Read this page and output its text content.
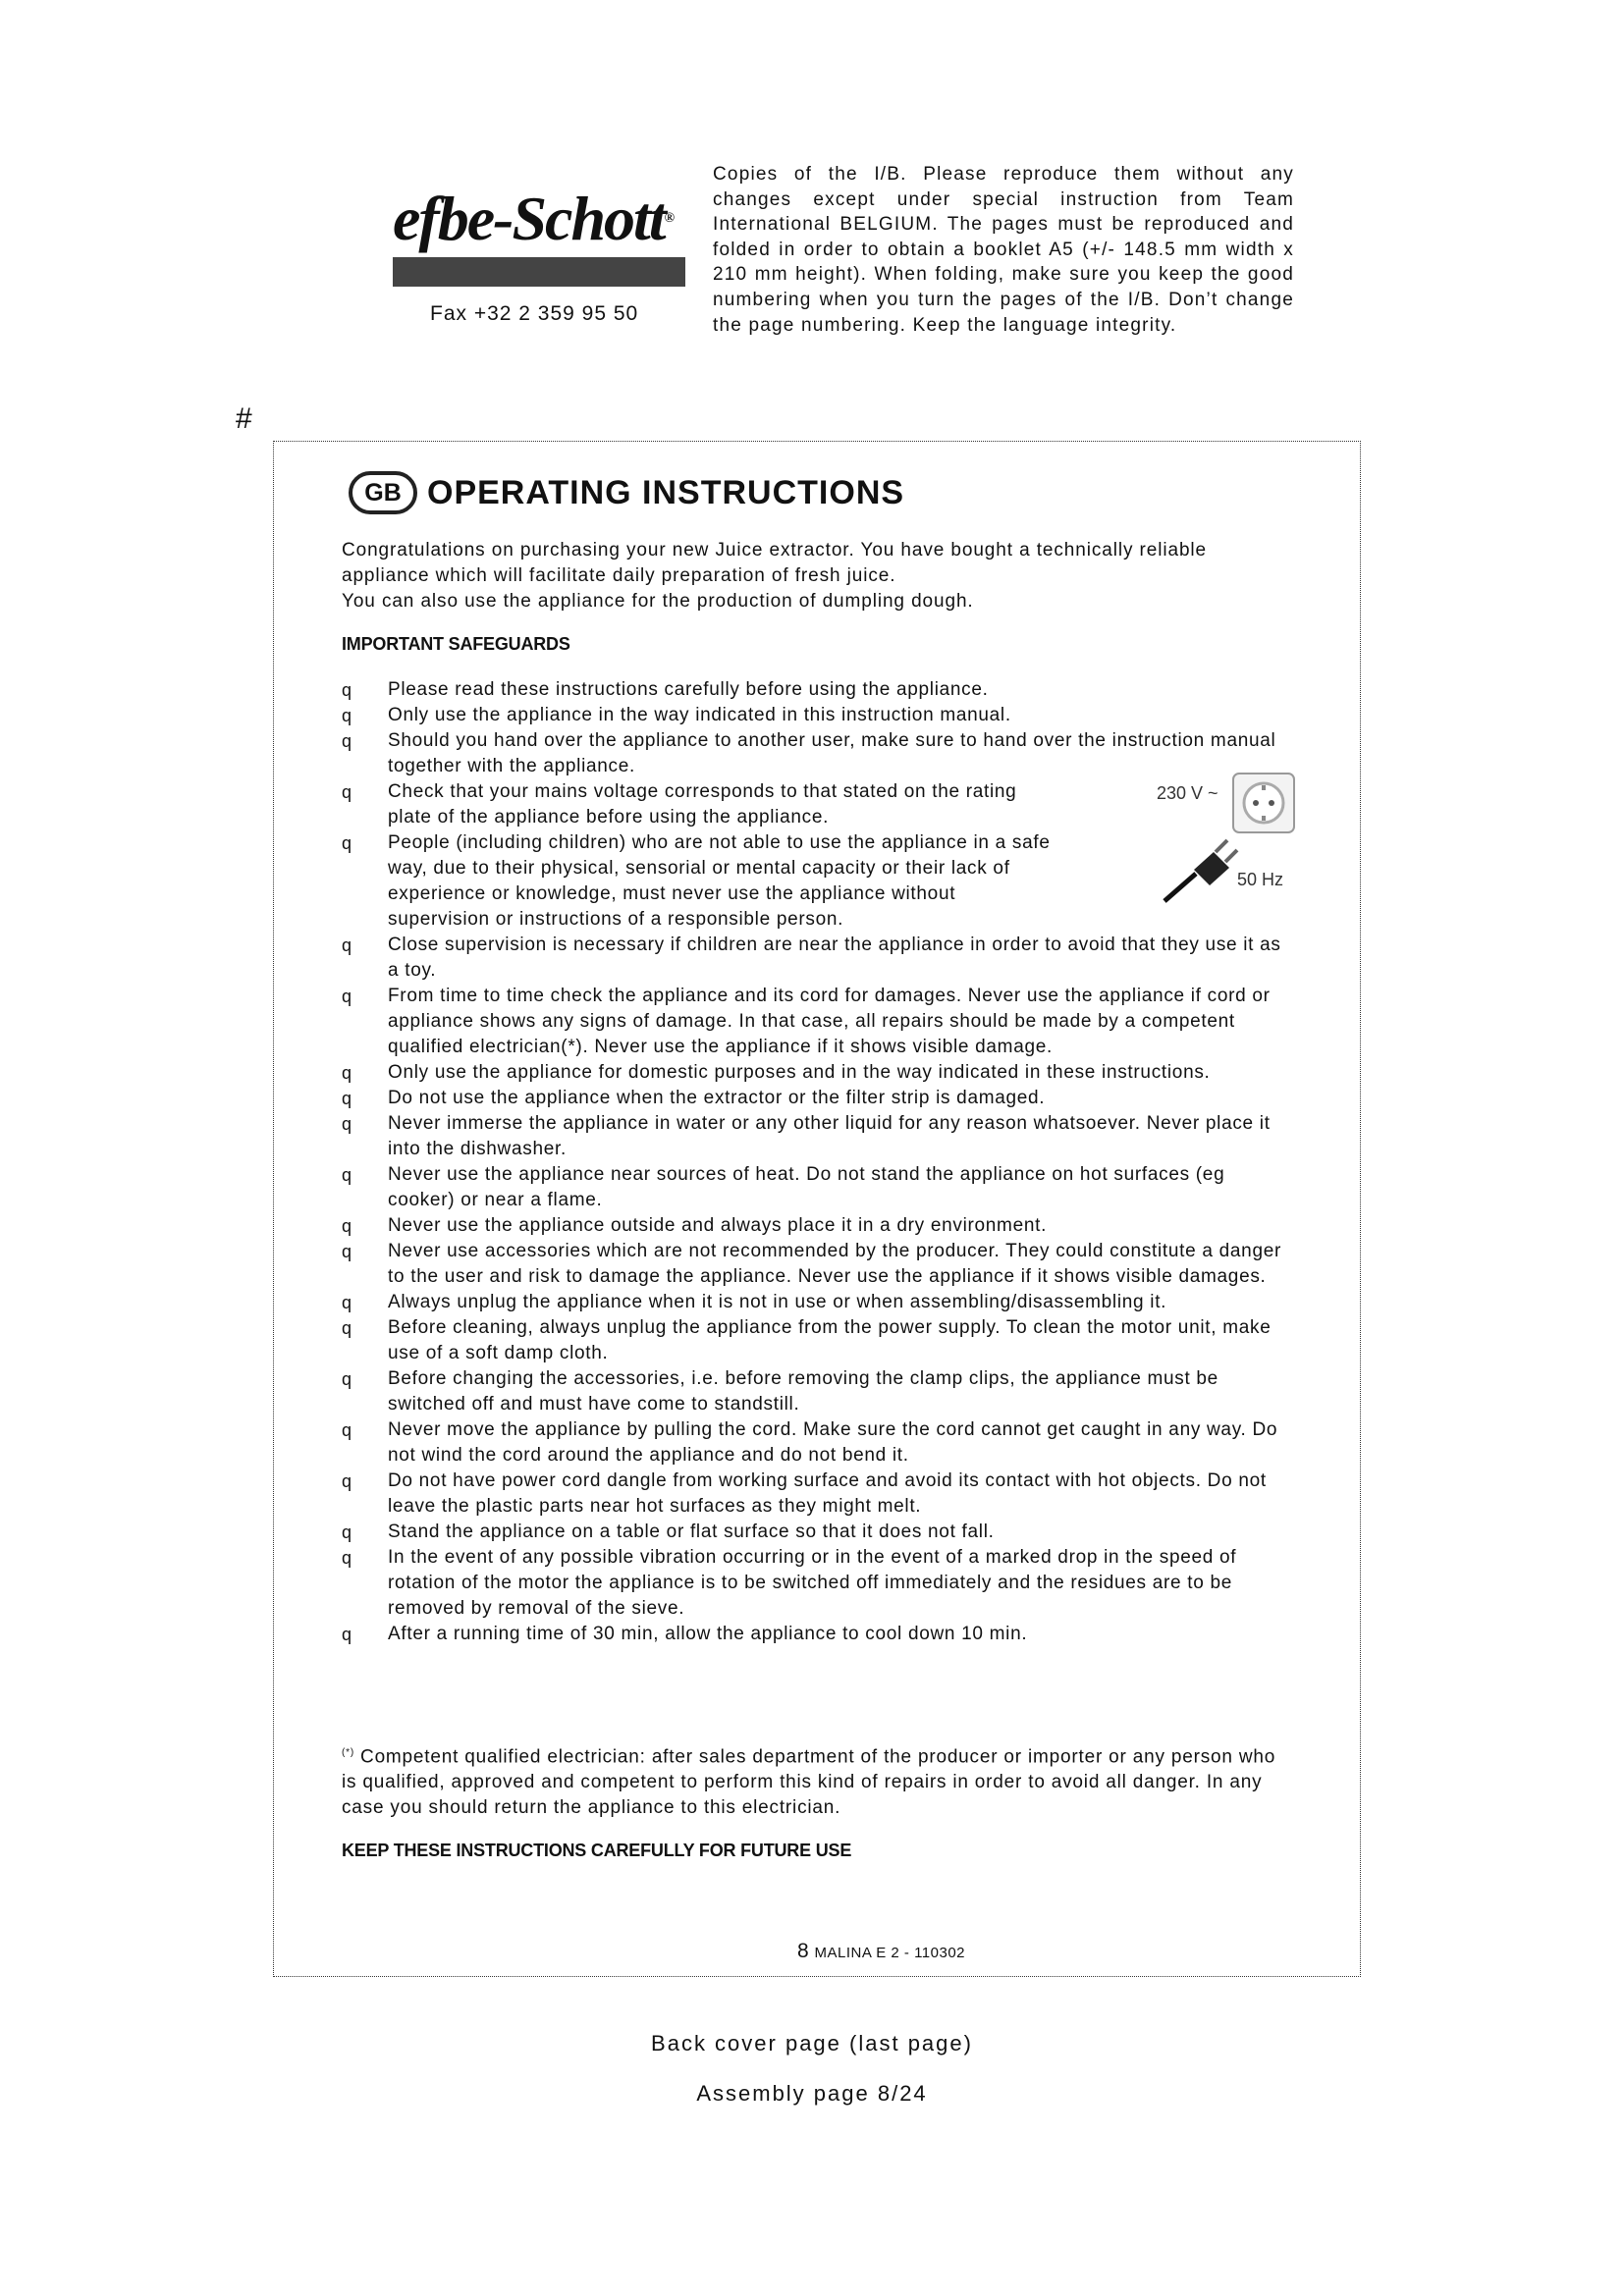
efbe-Schott®
Fax +32 2 359 95 50
Copies of the I/B. Please reproduce them without any changes except under special instruction from Team International BELGIUM. The pages must be reproduced and folded in order to obtain a booklet A5 (+/- 148.5 mm width x 210 mm height). When folding, make sure you keep the good numbering when you turn the pages of the I/B. Don’t change the page numbering. Keep the language integrity.
#
GB OPERATING INSTRUCTIONS

Congratulations on purchasing your new Juice extractor. You have bought a technically reliable appliance which will facilitate daily preparation of fresh juice.

You can also use the appliance for the production of dumpling dough.

IMPORTANT SAFEGUARDS
q Please read these instructions carefully before using the appliance.
q Only use the appliance in the way indicated in this instruction manual.
q Should you hand over the appliance to another user, make sure to hand over the instruction manual together with the appliance.
q Check that your mains voltage corresponds to that stated on the rating plate of the appliance before using the appliance.
q People (including children) who are not able to use the appliance in a safe way, due to their physical, sensorial or mental capacity or their lack of experience or knowledge, must never use the appliance without supervision or instructions of a responsible person.
q Close supervision is necessary if children are near the appliance in order to avoid that they use it as a toy.
q From time to time check the appliance and its cord for damages. Never use the appliance if cord or appliance shows any signs of damage. In that case, all repairs should be made by a competent qualified electrician(*). Never use the appliance if it shows visible damage.
q Only use the appliance for domestic purposes and in the way indicated in these instructions.
q Do not use the appliance when the extractor or the filter strip is damaged.
q Never immerse the appliance in water or any other liquid for any reason whatsoever. Never place it into the dishwasher.
q Never use the appliance near sources of heat. Do not stand the appliance on hot surfaces (eg cooker) or near a flame.
q Never use the appliance outside and always place it in a dry environment.
q Never use accessories which are not recommended by the producer. They could constitute a danger to the user and risk to damage the appliance. Never use the appliance if it shows visible damages.
q Always unplug the appliance when it is not in use or when assembling/disassembling it.
q Before cleaning, always unplug the appliance from the power supply. To clean the motor unit, make use of a soft damp cloth.
q Before changing the accessories, i.e. before removing the clamp clips, the appliance must be switched off and must have come to standstill.
q Never move the appliance by pulling the cord. Make sure the cord cannot get caught in any way. Do not wind the cord around the appliance and do not bend it.
q Do not have power cord dangle from working surface and avoid its contact with hot objects. Do not leave the plastic parts near hot surfaces as they might melt.
q Stand the appliance on a table or flat surface so that it does not fall.
q In the event of any possible vibration occurring or in the event of a marked drop in the speed of rotation of the motor the appliance is to be switched off immediately and the residues are to be removed by removal of the sieve.
q After a running time of 30 min, allow the appliance to cool down 10 min.
230 V ~
50 Hz
(*) Competent qualified electrician: after sales department of the producer or importer or any person who is qualified, approved and competent to perform this kind of repairs in order to avoid all danger. In any case you should return the appliance to this electrician.
KEEP THESE INSTRUCTIONS CAREFULLY FOR FUTURE USE
8 MALINA E 2 - 110302
Back cover page (last page)
Assembly page 8/24
